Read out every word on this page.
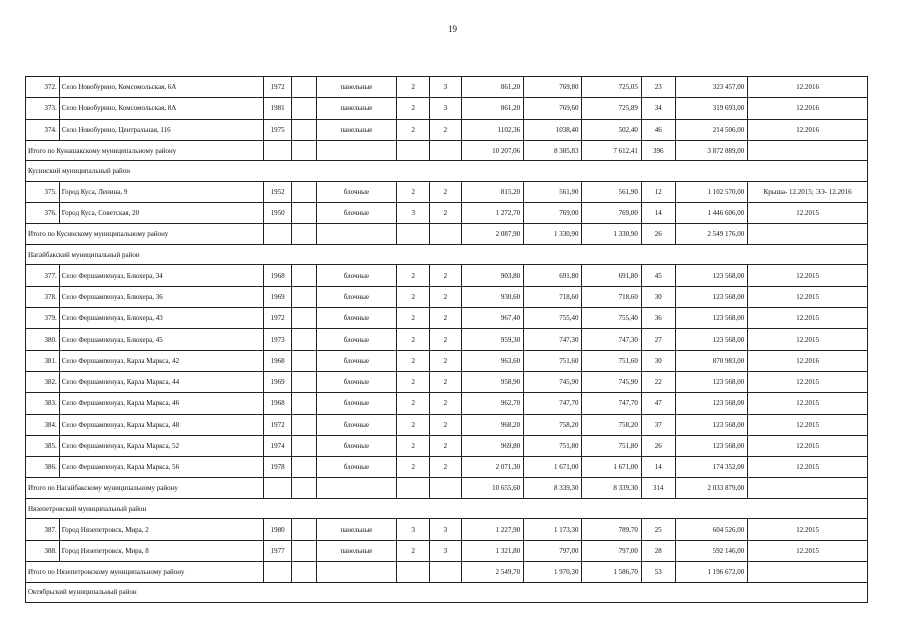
19
372.	Село Новобурино, Комсомольская, 6А	1972		панельные	2	3	861,20	769,80	725,05	23	323 457,00	12.2016
373.	Село Новобурино, Комсомольская, 8А	1981		панельные	2	3	861,20	769,60	725,89	34	319 693,00	12.2016
374.	Село Новобурино, Центральная, 116	1975		панельные	2	2	1102,36	1038,40	502,40	46	214 506,00	12.2016
Итого по Кунашакскому муниципальному району							10 207,06	8 385,83	7 612,41	396	3 872 889,00	
Кусинский муниципальный район												
375.	Город Куса, Ленина, 9	1952		блочные	2	2	815,20	561,90	561,90	12	1 102 570,00	Крыша- 12.2015; ЭЭ- 12.2016
376.	Город Куса, Советская, 20	1950		блочные	3	2	1 272,70	769,00	769,00	14	1 446 606,00	12.2015
Итого по Кусинскому муниципальному району							2 087,90	1 330,90	1 330,90	26	2 549 176,00	
Нагайбакский муниципальный район												
377.	Село Фершампенуаз, Блюхера, 34	1968		блочные	2	2	903,80	691,80	691,80	45	123 568,00	12.2015
378.	Село Фершампенуаз, Блюхера, 36	1969		блочные	2	2	930,60	718,60	718,60	30	123 568,00	12.2015
379.	Село Фершампенуаз, Блюхера, 43	1972		блочные	2	2	967,40	755,40	755,40	36	123 568,00	12.2015
380.	Село Фершампенуаз, Блюхера, 45	1973		блочные	2	2	959,30	747,30	747,30	27	123 568,00	12.2015
381.	Село Фершампенуаз, Карла Маркса, 42	1968		блочные	2	2	963,60	751,60	751,60	30	870 983,00	12.2016
382.	Село Фершампенуаз, Карла Маркса, 44	1969		блочные	2	2	958,90	745,90	745,90	22	123 568,00	12.2015
383.	Село Фершампенуаз, Карла Маркса, 46	1968		блочные	2	2	962,70	747,70	747,70	47	123 568,00	12.2015
384.	Село Фершампенуаз, Карла Маркса, 48	1972		блочные	2	2	968,20	758,20	758,20	37	123 568,00	12.2015
385.	Село Фершампенуаз, Карла Маркса, 52	1974		блочные	2	2	969,80	751,80	751,80	26	123 568,00	12.2015
386.	Село Фершампенуаз, Карла Маркса, 56	1978		блочные	2	2	2 071,30	1 671,00	1 671,00	14	174 352,00	12.2015
Итого по Нагайбакскому муниципальному району							10 655,60	8 339,30	8 339,30	314	2 033 879,00	
Нязепетровский муниципальный район												
387.	Город Нязепетровск, Мира, 2	1980		панельные	3	3	1 227,90	1 173,30	789,70	25	604 526,00	12.2015
388.	Город Нязепетровск, Мира, 8	1977		панельные	2	3	1 321,80	797,00	797,00	28	592 146,00	12.2015
Итого по Нязепетровскому муниципальному району							2 549,70	1 970,30	1 586,70	53	1 196 672,00	
Октябрьский муниципальный район												
